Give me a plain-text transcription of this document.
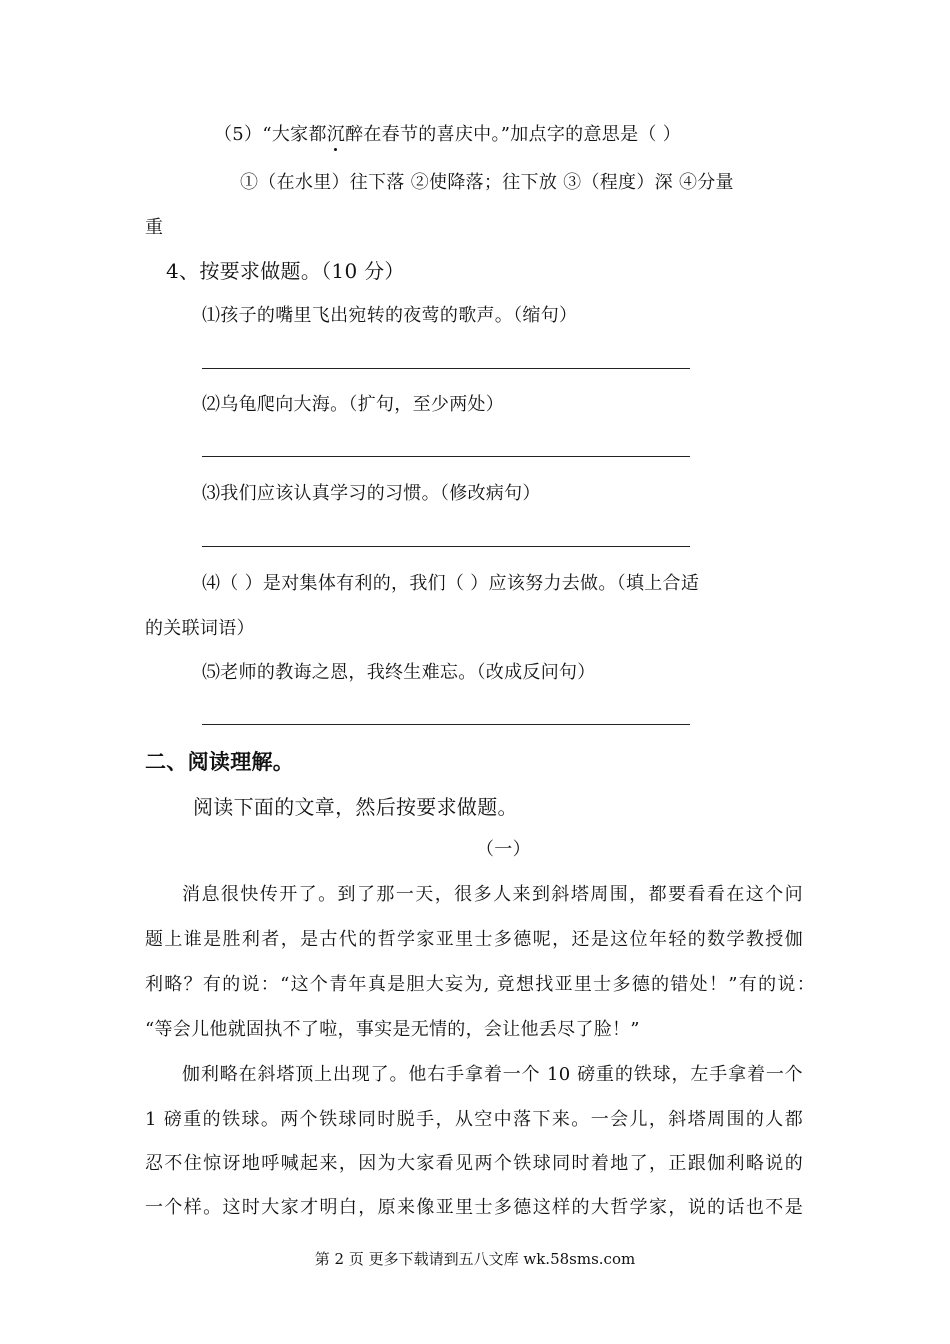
（5）“大家都沉醉在春节的喜庆中。”加点字的意思是（ ）
①（在水里）往下落 ②使降落；往下放 ③（程度）深 ④分量
重
4、按要求做题。（10 分）
⑴孩子的嘴里飞出宛转的夜莺的歌声。（缩句）
⑵乌龟爬向大海。（扩句，至少两处）
⑶我们应该认真学习的习惯。（修改病句）
⑷（ ）是对集体有利的，我们（ ）应该努力去做。（填上合适
的关联词语）
⑸老师的教诲之恩，我终生难忘。（改成反问句）
二、阅读理解。
阅读下面的文章，然后按要求做题。
（一）
消息很快传开了。到了那一天，很多人来到斜塔周围，都要看看在这个问
题上谁是胜利者，是古代的哲学家亚里士多德呢，还是这位年轻的数学教授伽
利略？有的说：“这个青年真是胆大妄为, 竟想找亚里士多德的错处！”有的说：
“等会儿他就固执不了啦，事实是无情的，会让他丢尽了脸！”
伽利略在斜塔顶上出现了。他右手拿着一个 10 磅重的铁球，左手拿着一个
1 磅重的铁球。两个铁球同时脱手，从空中落下来。一会儿，斜塔周围的人都
忍不住惊讶地呼喊起来，因为大家看见两个铁球同时着地了，正跟伽利略说的
一个样。这时大家才明白，原来像亚里士多德这样的大哲学家，说的话也不是
第 2 页 更多下载请到五八文库 wk.58sms.com
